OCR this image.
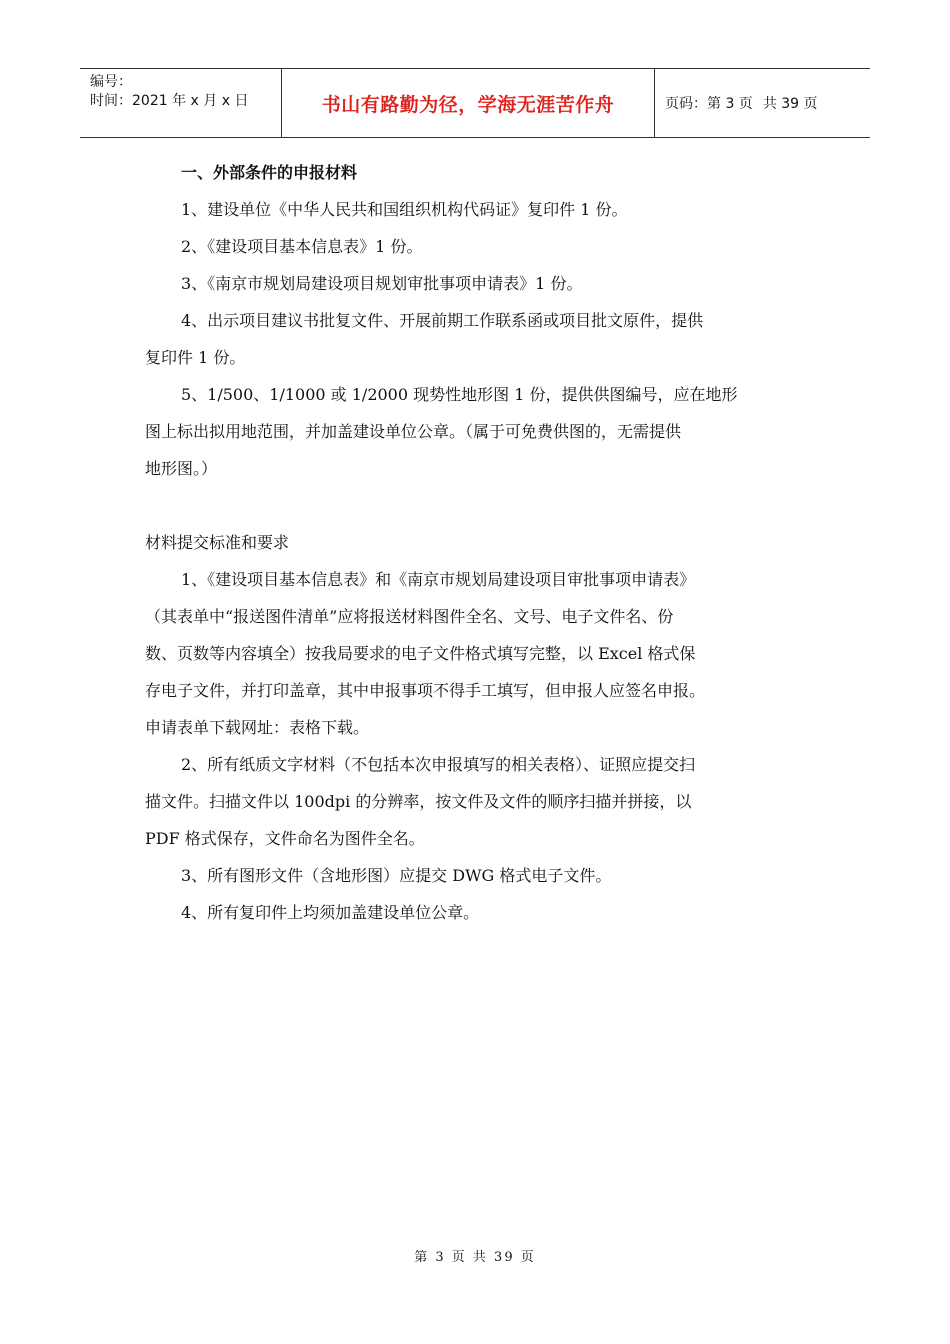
编号：
时间：2021 年 x 月 x 日	书山有路勤为径，学海无涯苦作舟	页码：第 3 页 共 39 页

一、外部条件的申报材料

1、建设单位《中华人民共和国组织机构代码证》复印件 1 份。

2、《建设项目基本信息表》1 份。

3、《南京市规划局建设项目规划审批事项申请表》1 份。

4、出示项目建议书批复文件、开展前期工作联系函或项目批文原件，提供

复印件 1 份。

5、1/500、1/1000 或 1/2000 现势性地形图 1 份，提供供图编号，应在地形

图上标出拟用地范围，并加盖建设单位公章。（属于可免费供图的，无需提供

地形图。）

材料提交标准和要求

1、《建设项目基本信息表》和《南京市规划局建设项目审批事项申请表》

（其表单中“报送图件清单”应将报送材料图件全名、文号、电子文件名、份

数、页数等内容填全）按我局要求的电子文件格式填写完整，以 Excel 格式保

存电子文件，并打印盖章，其中申报事项不得手工填写，但申报人应签名申报。

申请表单下载网址：表格下载。

2、所有纸质文字材料（不包括本次申报填写的相关表格）、证照应提交扫

描文件。扫描文件以 100dpi 的分辨率，按文件及文件的顺序扫描并拼接，以

PDF 格式保存，文件命名为图件全名。

3、所有图形文件（含地形图）应提交 DWG 格式电子文件。

4、所有复印件上均须加盖建设单位公章。

第 3 页 共 39 页
